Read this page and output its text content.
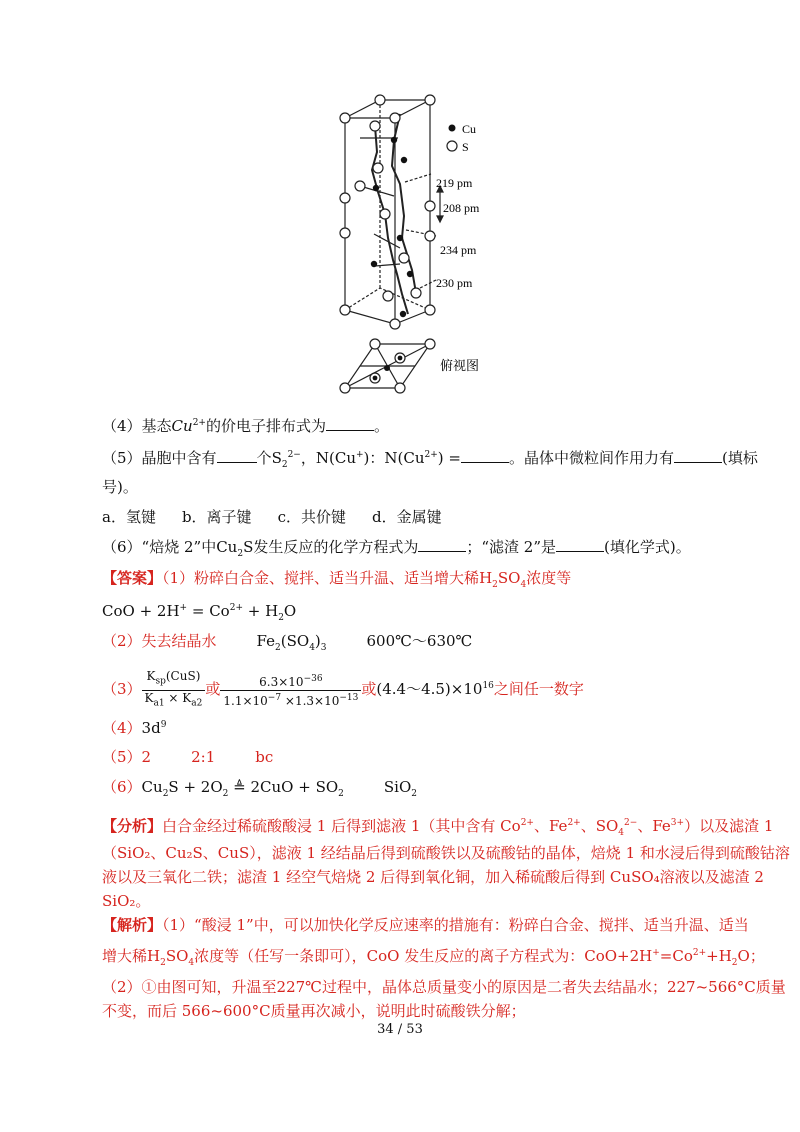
Cu
S
219 pm
208 pm
234 pm
230 pm
俯视图
（4）基态$Cu^{2+}$的价电子排布式为	。
（5）晶胞中含有	个$S_2^{2-}$，N(Cu+)：$N(Cu^{2+})$ =	。晶体中微粒间作用力有	(填标
号)。
a．氢键 b．离子键 c．共价键 d．金属键
（6）“焙烧 2”中$Cu_2S$发生反应的化学方程式为	；“滤渣 2”是	(填化学式)。
【答案】（1）粉碎白合金、搅拌、适当升温、适当增大稀$H_2SO_4$浓度等
CoO + $2H^+ = Co^{2+} + H_2O$
（2）失去结晶水	$Fe_2(SO_4)_3$	600℃～630℃
$(3) \frac{K_{sp}(CuS)}{K_{a1} \times K_{a2}}$ 或 $\frac{6.3\times 10^{-36}}{1.1\times 10^{-7} \times 1.3\times 10^{-13}}$ 或$(4.4\sim 4.5)\times 10^{16}$之间任一数字
$(4)3d^9$
（5）2	2:1	bc
$(6)Cu_2S + 2O_2$ ≜ $2CuO + SO_2$	SiO$_2$
【分析】白合金经过稀硫酸酸浸 1 后得到滤液 1（其中含有 $Co^{2+}$、$Fe^{2+}$、$SO_4^{2-}$、$Fe^{3+}$）以及滤渣 1
（SiO₂、Cu₂S、CuS），滤液 1 经结晶后得到硫酸铁以及硫酸钴的晶体，焙烧 1 和水浸后得到硫酸钴溶
液以及三氧化二铁；滤渣 1 经空气焙烧 2 后得到氧化铜，加入稀硫酸后得到 CuSO₄溶液以及滤渣 2
SiO₂。
【解析】（1）“酸浸 1”中，可以加快化学反应速率的措施有：粉碎白合金、搅拌、适当升温、适当
增大稀$H_2SO_4$浓度等（任写一条即可），CoO 发生反应的离子方程式为：$CoO+2H^+=Co^{2+}+H_2O$；
（2）①由图可知，升温至227℃过程中，晶体总质量变小的原因是二者失去结晶水；227~566°C质量
不变，而后 566~600°C质量再次减小，说明此时硫酸铁分解；
34 / 53
